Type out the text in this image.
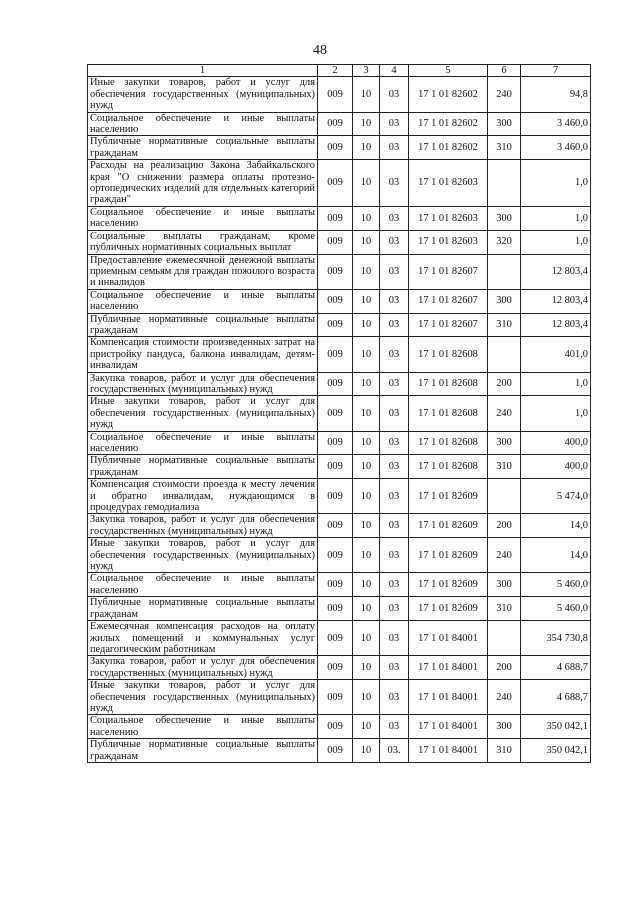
48
1	2	3	4	5	6	7
Иные закупки товаров, работ и услуг для обеспечения государственных (муниципальных) нужд	009	10	03	17 1 01 82602	240	94,8
Социальное обеспечение и иные выплаты населению	009	10	03	17 1 01 82602	300	3 460,0
Публичные нормативные социальные выплаты гражданам	009	10	03	17 1 01 82602	310	3 460,0
Расходы на реализацию Закона Забайкальского края "О снижении размера оплаты протезно-ортопедических изделий для отдельных категорий граждан"	009	10	03	17 1 01 82603		1,0
Социальное обеспечение и иные выплаты населению	009	10	03	17 1 01 82603	300	1,0
Социальные выплаты гражданам, кроме публичных нормативных социальных выплат	009	10	03	17 1 01 82603	320	1,0
Предоставление ежемесячной денежной выплаты приемным семьям для граждан пожилого возраста и инвалидов	009	10	03	17 1 01 82607		12 803,4
Социальное обеспечение и иные выплаты населению	009	10	03	17 1 01 82607	300	12 803,4
Публичные нормативные социальные выплаты гражданам	009	10	03	17 1 01 82607	310	12 803,4
Компенсация стоимости произведенных затрат на пристройку пандуса, балкона инвалидам, детям-инвалидам	009	10	03	17 1 01 82608		401,0
Закупка товаров, работ и услуг для обеспечения государственных (муниципальных) нужд	009	10	03	17 1 01 82608	200	1,0
Иные закупки товаров, работ и услуг для обеспечения государственных (муниципальных) нужд	009	10	03	17 1 01 82608	240	1,0
Социальное обеспечение и иные выплаты населению	009	10	03	17 1 01 82608	300	400,0
Публичные нормативные социальные выплаты гражданам	009	10	03	17 1 01 82608	310	400,0
Компенсация стоимости проезда к месту лечения и обратно инвалидам, нуждающимся в процедурах гемодиализа	009	10	03	17 1 01 82609		5 474,0
Закупка товаров, работ и услуг для обеспечения государственных (муниципальных) нужд	009	10	03	17 1 01 82609	200	14,0
Иные закупки товаров, работ и услуг для обеспечения государственных (муниципальных) нужд	009	10	03	17 1 01 82609	240	14,0
Социальное обеспечение и иные выплаты населению	009	10	03	17 1 01 82609	300	5 460,0
Публичные нормативные социальные выплаты гражданам	009	10	03	17 1 01 82609	310	5 460,0
Ежемесячная компенсация расходов на оплату жилых помещений и коммунальных услуг педагогическим работникам	009	10	03	17 1 01 84001		354 730,8
Закупка товаров, работ и услуг для обеспечения государственных (муниципальных) нужд	009	10	03	17 1 01 84001	200	4 688,7
Иные закупки товаров, работ и услуг для обеспечения государственных (муниципальных) нужд	009	10	03	17 1 01 84001	240	4 688,7
Социальное обеспечение и иные выплаты населению	009	10	03	17 1 01 84001	300	350 042,1
Публичные нормативные социальные выплаты гражданам	009	10	03.	17 1 01 84001	310	350 042,1
